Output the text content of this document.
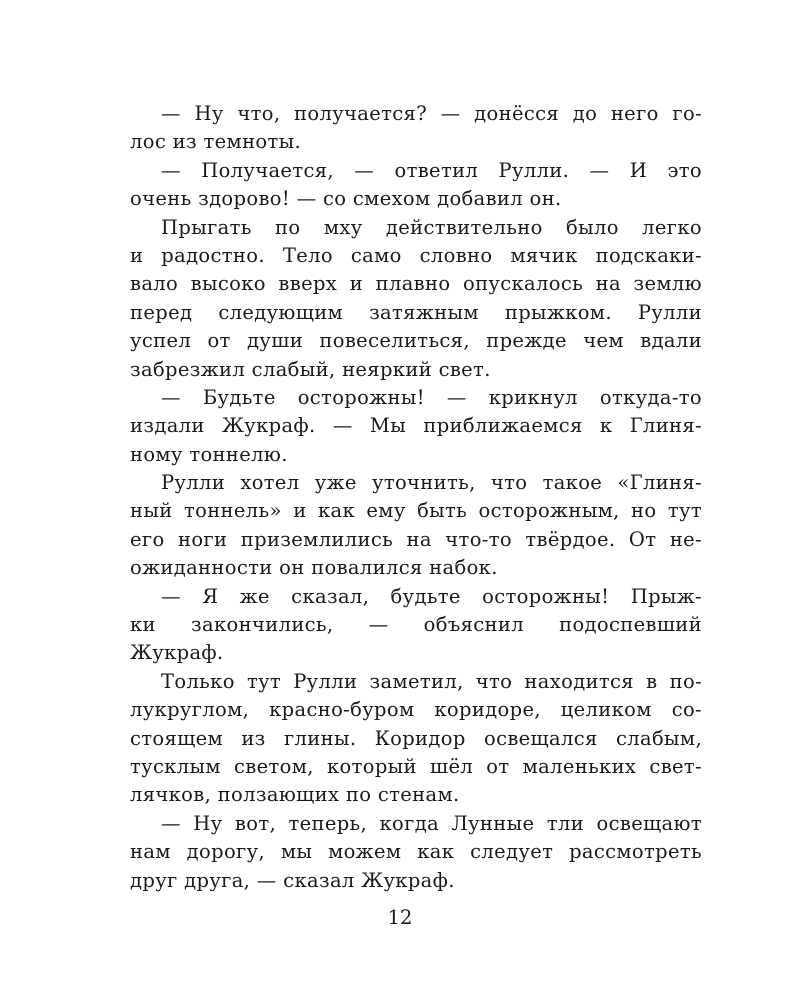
— Ну что, получается? — донёсся до него го-
лос из темноты.
— Получается, — ответил Рулли. — И это
очень здорово! — со смехом добавил он.
Прыгать по мху действительно было легко
и радостно. Тело само словно мячик подскаки-
вало высоко вверх и плавно опускалось на землю
перед следующим затяжным прыжком. Рулли
успел от души повеселиться, прежде чем вдали
забрезжил слабый, неяркий свет.
— Будьте осторожны! — крикнул откуда-то
издали Жукраф. — Мы приближаемся к Глиня-
ному тоннелю.
Рулли хотел уже уточнить, что такое «Глиня-
ный тоннель» и как ему быть осторожным, но тут
его ноги приземлились на что-то твёрдое. От не-
ожиданности он повалился набок.
— Я же сказал, будьте осторожны! Прыж-
ки закончились, — объяснил подоспевший
Жукраф.
Только тут Рулли заметил, что находится в по-
лукруглом, красно-буром коридоре, целиком со-
стоящем из глины. Коридор освещался слабым,
тусклым светом, который шёл от маленьких свет-
лячков, ползающих по стенам.
— Ну вот, теперь, когда Лунные тли освещают
нам дорогу, мы можем как следует рассмотреть
друг друга, — сказал Жукраф.
12
